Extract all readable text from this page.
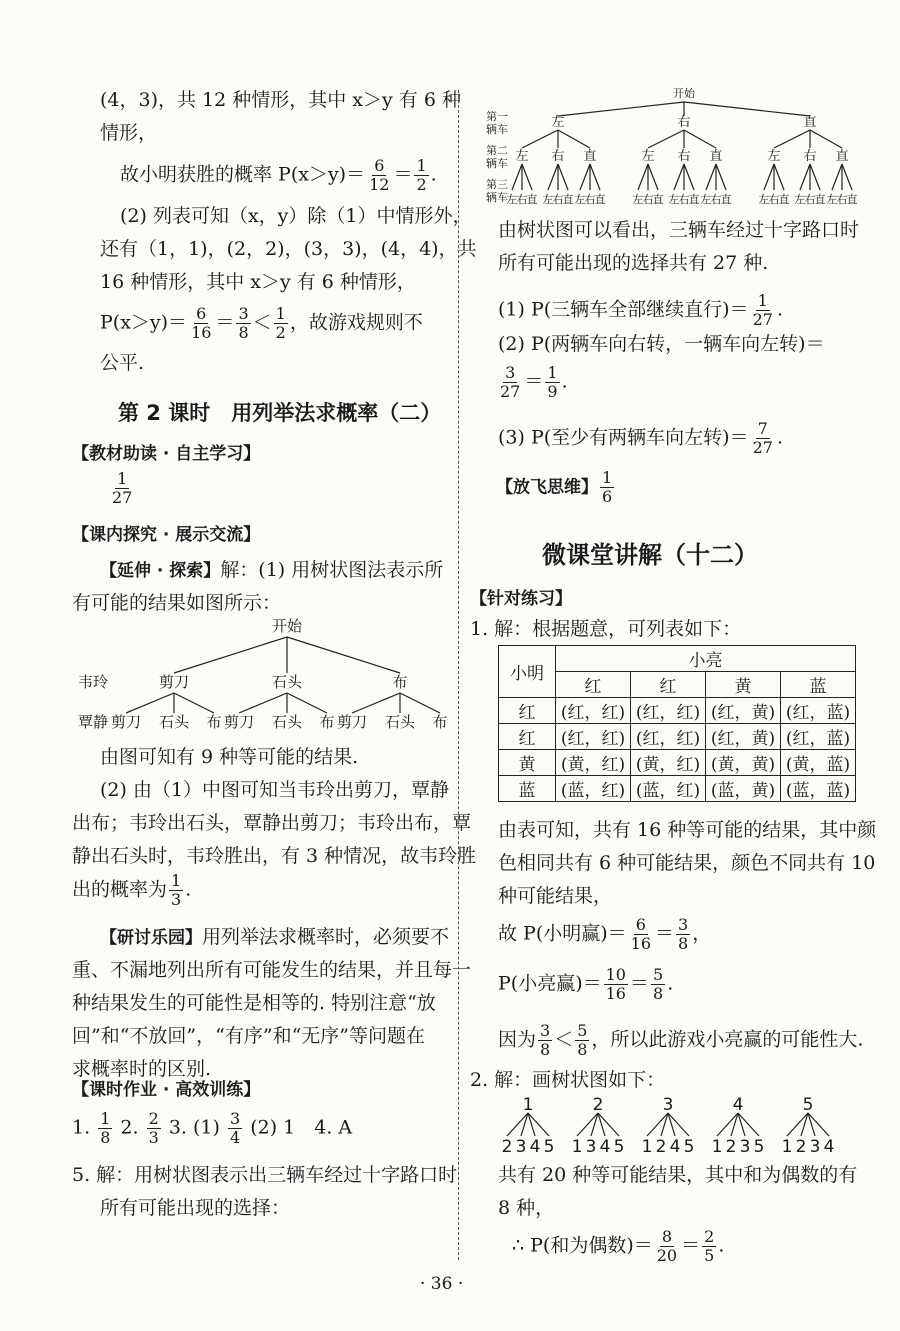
(4，3)，共 12 种情形，其中 x＞y 有 6 种
情形，
故小明获胜的概率 $P(x>y)= \frac{6}{12} = \frac{1}{2}$ .
(2) 列表可知（x，y）除（1）中情形外，
还有（1，1)，(2，2)，(3，3)，(4，4)，共
16 种情形，其中 x＞y 有 6 种情形，
$P(x>y)= \frac{6}{16} = \frac{3}{8} < \frac{1}{2}$ ，故游戏规则不
公平.
第 2 课时　用列举法求概率（二）
【教材助读 · 自主学习】
$\frac{1}{27}$
【课内探究 · 展示交流】
【延伸 · 探索】解：(1) 用树状图法表示所
有可能的结果如图所示：
开始
韦玲
覃静
剪刀
剪刀 石头 布
石头
剪刀 石头 布
布
剪刀 石头 布
由图可知有 9 种等可能的结果.
(2) 由（1）中图可知当韦玲出剪刀，覃静
出布；韦玲出石头，覃静出剪刀；韦玲出布，覃
静出石头时，韦玲胜出，有 3 种情况，故韦玲胜
出的概率为 $\frac{1}{3}$ .
【研讨乐园】用列举法求概率时，必须要不
重、不漏地列出所有可能发生的结果，并且每一
种结果发生的可能性是相等的. 特别注意“放
回”和“不放回”，“有序”和“无序”等问题在
求概率时的区别.
【课时作业 · 高效训练】
1. $\frac{1}{8} 2$. $\frac{2}{3} 3$. $(1) \frac{3}{4} (2)$ 1　4. A
5. 解：用树状图表示出三辆车经过十字路口时
所有可能出现的选择：
开始
第一
辆车
第二
辆车
第三
辆车
左
左
左 右 直
右
左 右 直
直
左 右 直
右
左
左 右 直
右
左 右 直
直
左 右 直
直
左
左 右 直
右
左 右 直
直
左 右 直
由树状图可以看出，三辆车经过十字路口时
所有可能出现的选择共有 27 种.
(1) P(三辆车全部继续直行)＝ $\frac{1}{27}$ .
(2) P(两辆车向右转，一辆车向左转)＝
$\frac{3}{27} = \frac{1}{9}$ .
(3) P(至少有两辆车向左转)＝ $\frac{7}{27}$ .
【放飞思维】 $\frac{1}{6}$
微课堂讲解（十二）
【针对练习】
1. 解：根据题意，可列表如下：
小明	小亮			
	红	红	黄	蓝
红	(红，红)	(红，红)	(红，黄)	(红，蓝)
红	(红，红)	(红，红)	(红，黄)	(红，蓝)
黄	(黄，红)	(黄，红)	(黄，黄)	(黄，蓝)
蓝	(蓝，红)	(蓝，红)	(蓝，黄)	(蓝，蓝)
由表可知，共有 16 种等可能的结果，其中颜
色相同共有 6 种可能结果，颜色不同共有 10
种可能结果，
故 P(小明赢)＝ $\frac{6}{16} = \frac{3}{8}$ ，
P(小亮赢)＝ $\frac{10}{16} = \frac{5}{8}$ .
因为 $\frac{3}{8} < \frac{5}{8}$ ，所以此游戏小亮赢的可能性大.
2. 解：画树状图如下：
1
2 3 4 5
2
1 3 4 5
3
1 2 4 5
4
1 2 3 5
5
1 2 3 4
共有 20 种等可能结果，其中和为偶数的有
8 种，
∴ P(和为偶数)＝ $\frac{8}{20} = \frac{2}{5}$ .
· 36 ·
